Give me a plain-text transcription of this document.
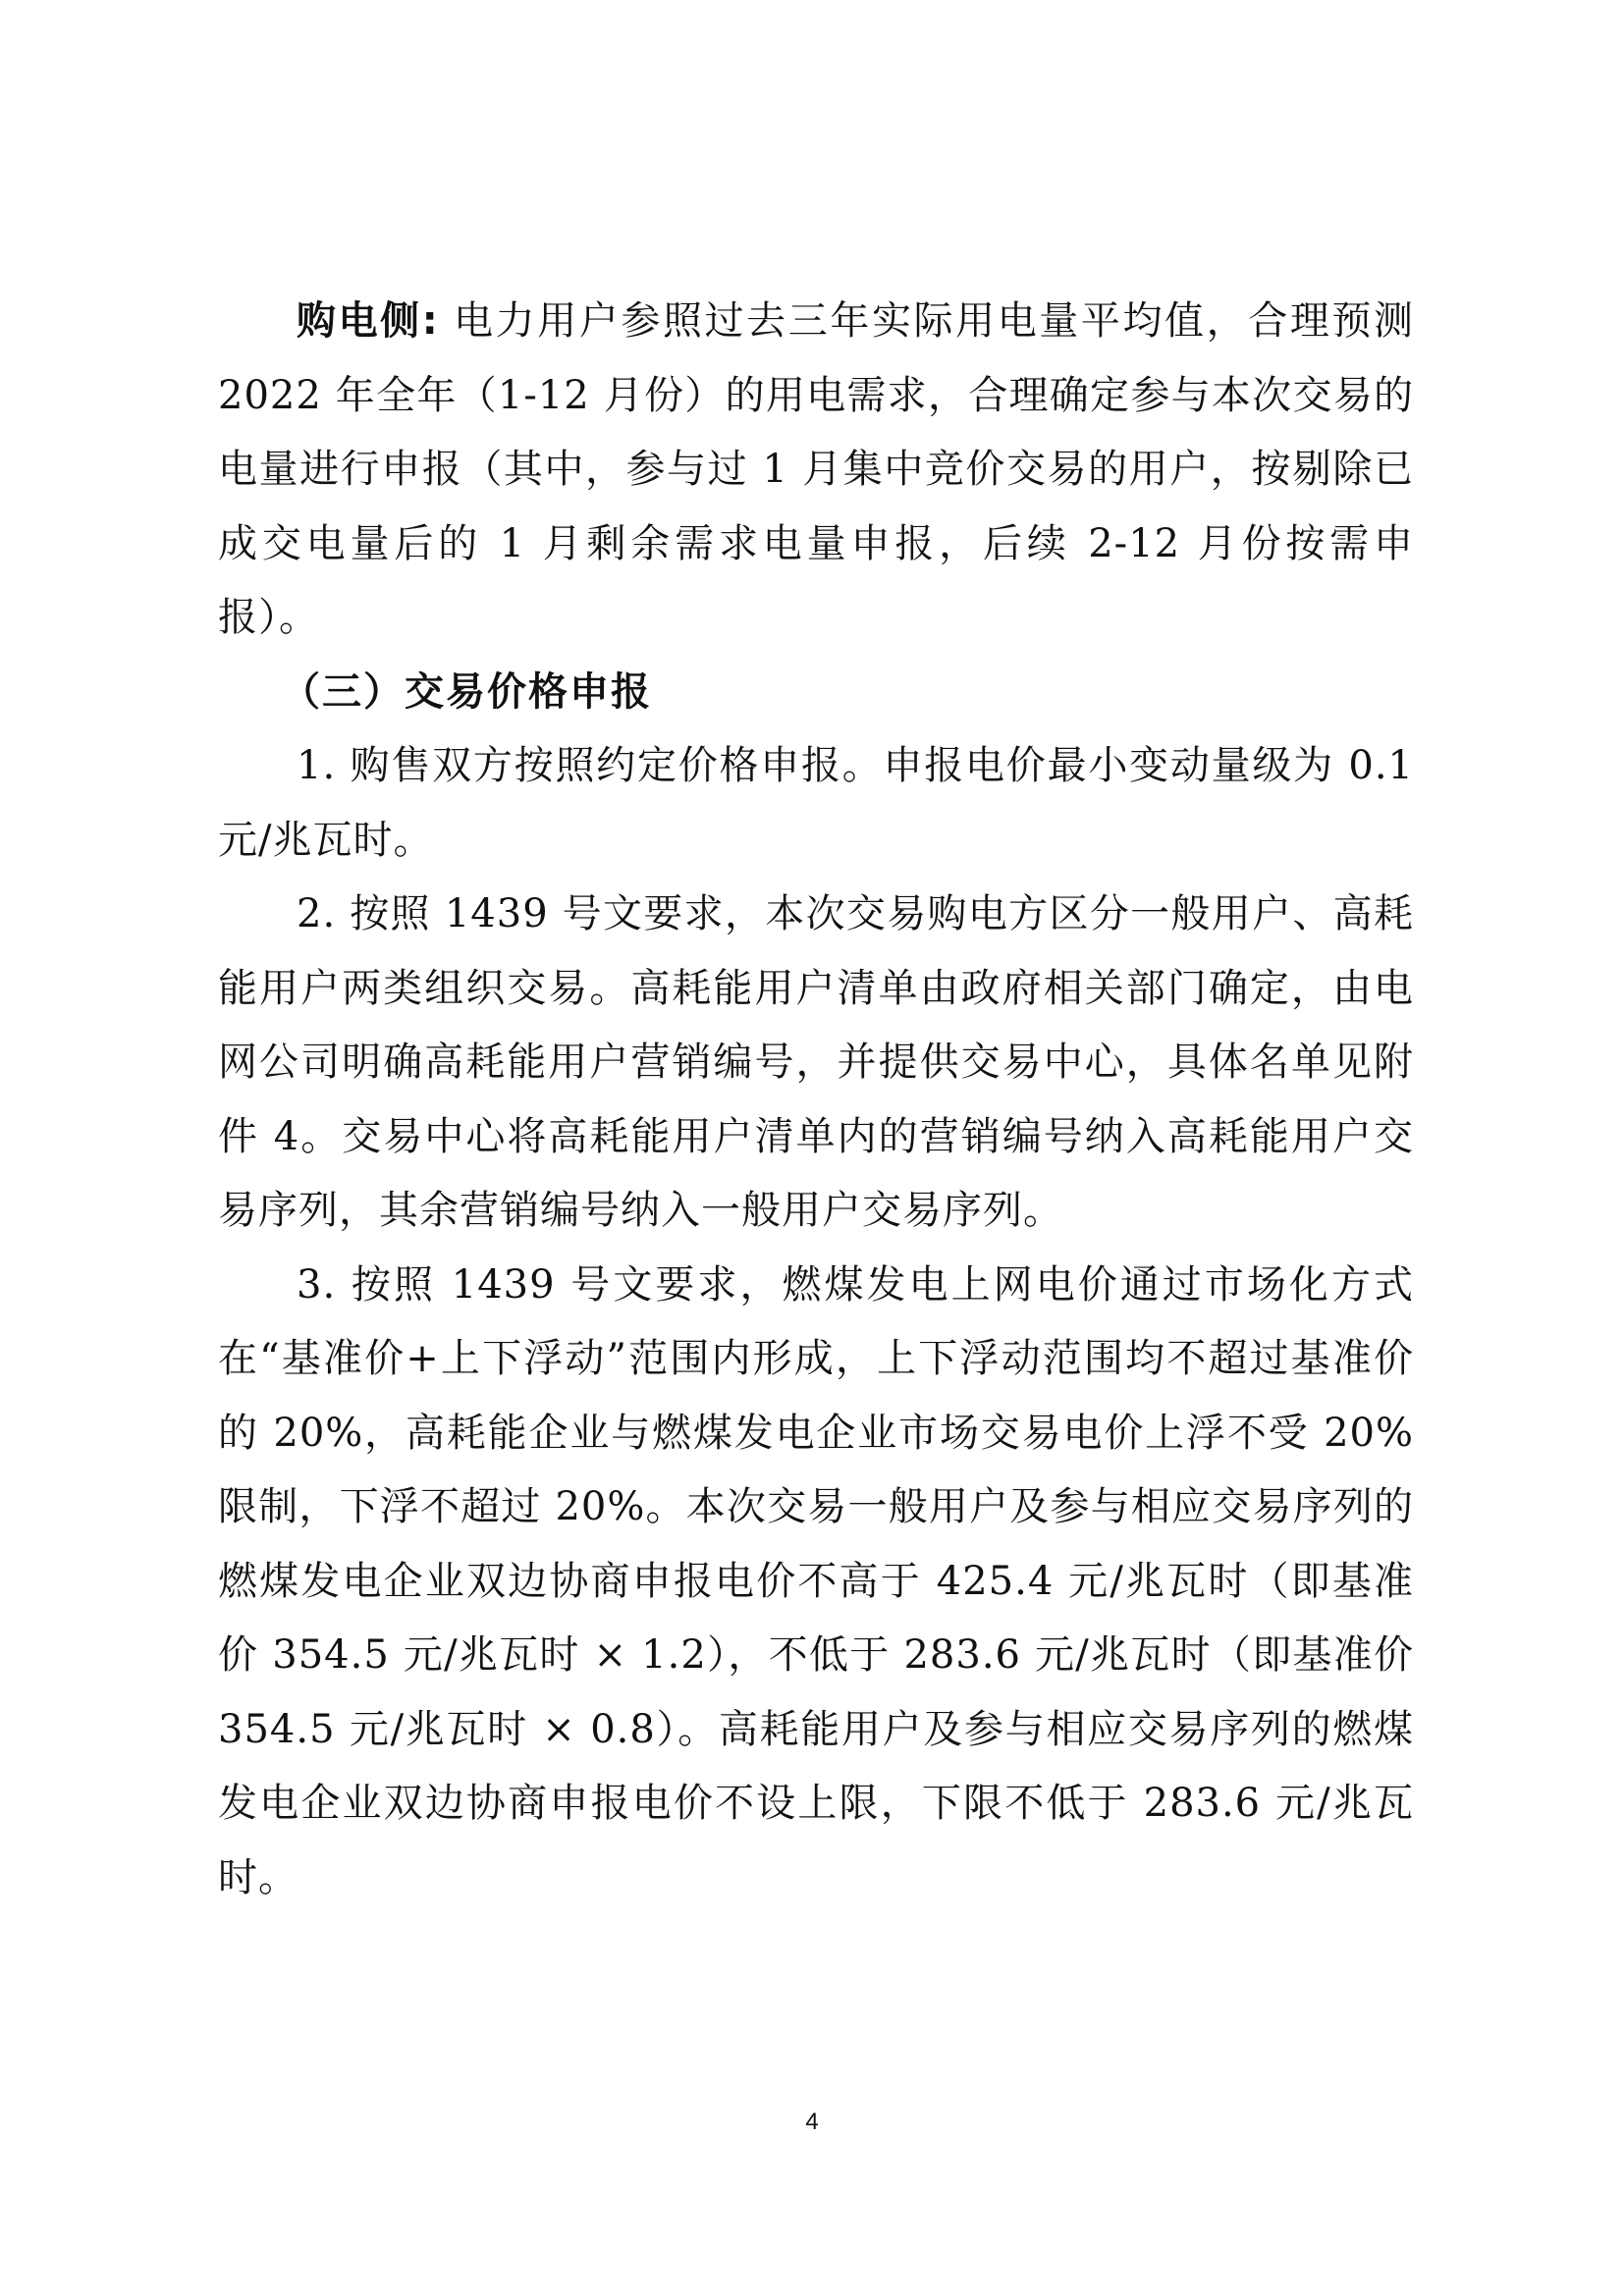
购电侧: 电力用户参照过去三年实际用电量平均值，合理预测 2022 年全年（1-12 月份）的用电需求，合理确定参与本次交易的电量进行申报（其中，参与过 1 月集中竞价交易的用户，按剔除已成交电量后的 1 月剩余需求电量申报，后续 2-12 月份按需申报）。

（三）交易价格申报

1. 购售双方按照约定价格申报。申报电价最小变动量级为 0.1 元/兆瓦时。

2. 按照 1439 号文要求，本次交易购电方区分一般用户、高耗能用户两类组织交易。高耗能用户清单由政府相关部门确定，由电网公司明确高耗能用户营销编号，并提供交易中心，具体名单见附件 4。交易中心将高耗能用户清单内的营销编号纳入高耗能用户交易序列，其余营销编号纳入一般用户交易序列。

3. 按照 1439 号文要求，燃煤发电上网电价通过市场化方式在“基准价+上下浮动”范围内形成，上下浮动范围均不超过基准价的 20%，高耗能企业与燃煤发电企业市场交易电价上浮不受 20%限制，下浮不超过 20%。本次交易一般用户及参与相应交易序列的燃煤发电企业双边协商申报电价不高于 425.4 元/兆瓦时（即基准价 354.5 元/兆瓦时 × 1.2），不低于 283.6 元/兆瓦时（即基准价 354.5 元/兆瓦时 × 0.8）。高耗能用户及参与相应交易序列的燃煤发电企业双边协商申报电价不设上限，下限不低于 283.6 元/兆瓦时。

4
